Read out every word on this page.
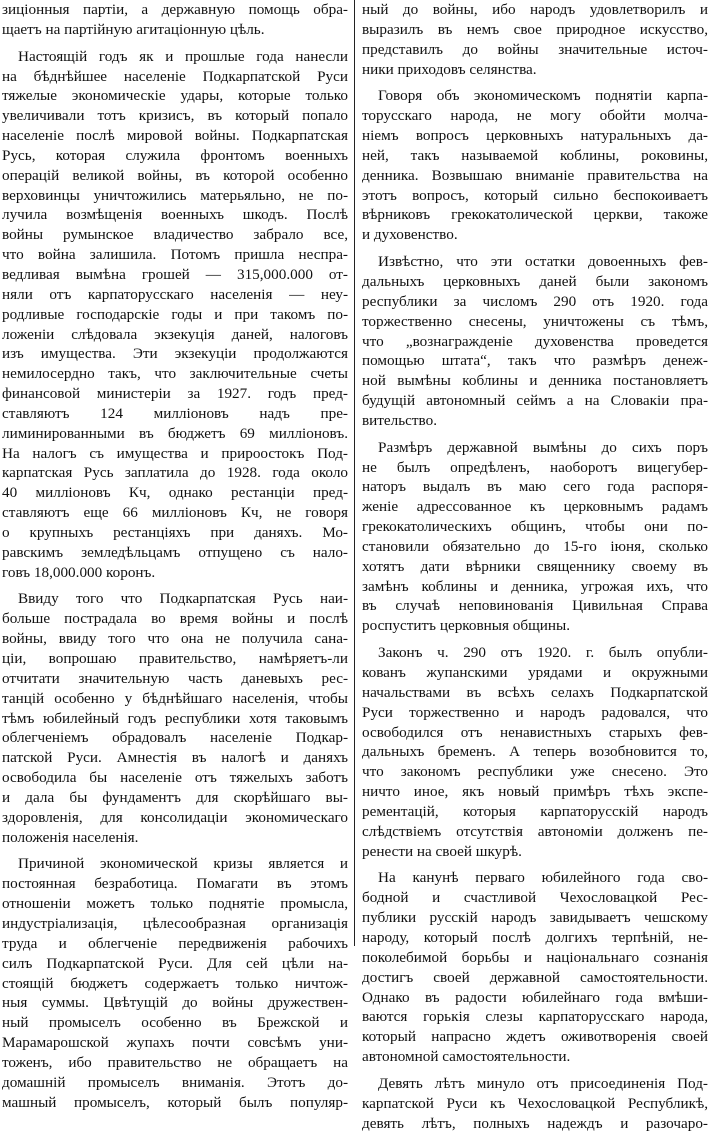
зиціонныя партіи, а державную помощь обра-
щаетъ на партійную агитаціонную цѣль.
Настоящій годъ як и прошлые года нанесли
на бѣднѣйшее населеніе Подкарпатской Руси
тяжелые экономическіе удары, которые только
увеличивали тотъ кризисъ, въ который попало
населеніе послѣ мировой войны. Подкарпатская
Русь, которая служила фронтомъ военныхъ
операцій великой войны, въ которой особенно
верховинцы уничтожились матерьяльно, не по-
лучила возмѣщенія военныхъ шкодъ. Послѣ
войны румынское владичество забрало все,
что война залишила. Потомъ пришла неспра-
ведливая вымѣна грошей — 315,000.000 от-
няли отъ карпаторусскаго населенія — неу-
родливые господарскіе годы и при такомъ по-
ложеніи слѣдовала экзекуція даней, налоговъ
изъ имущества. Эти экзекуціи продолжаются
немилосердно такъ, что заключительные счеты
финансовой министеріи за 1927. годъ пред-
ставляютъ 124 милліоновъ надъ пре-
лиминированными въ бюджетъ 69 милліоновъ.
На налогъ съ имущества и прироостокъ Под-
карпатская Русь заплатила до 1928. года около
40 милліоновъ Кч, однако рестанціи пред-
ставляютъ еще 66 милліоновъ Кч, не говоря
о крупныхъ рестанціяхъ при даняхъ. Мо-
равскимъ земледѣльцамъ отпущено съ нало-
говъ 18,000.000 коронъ.
Ввиду того что Подкарпатская Русь наи-
больше пострадала во время войны и послѣ
войны, ввиду того что она не получила сана-
ціи, вопрошаю правительство, намѣряетъ-ли
отчитати значительную часть даневыхъ рес-
танцій особенно у бѣднѣйшаго населенія, чтобы
тѣмъ юбилейный годъ республики хотя таковымъ
облегченіемъ обрадовалъ населеніе Подкар-
патской Руси. Амнестія въ налогѣ и даняхъ
освободила бы населеніе отъ тяжелыхъ заботъ
и дала бы фундаментъ для скорѣйшаго вы-
здоровленія, для консолидаціи экономическаго
положенія населенія.
Причиной экономической кризы является и
постоянная безработица. Помагати въ этомъ
отношеніи можетъ только поднятіе промысла,
индустріализація, цѣлесообразная организація
труда и облегченіе передвиженія рабочихъ
силъ Подкарпатской Руси. Для сей цѣли на-
стоящій бюджетъ содержаетъ только ничтож-
ныя суммы. Цвѣтущій до войны дружествен-
ный промыселъ особенно въ Брежской и
Марамарошской жупахъ почти совсѣмъ уни-
тоженъ, ибо правительство не обращаетъ на
домашній промыселъ вниманія. Этотъ до-
машный промыселъ, который былъ популяр-
ный до войны, ибо народъ удовлетворилъ и
выразилъ въ немъ свое природное искусство,
представилъ до войны значительные источ-
ники приходовъ селянства.
Говоря объ экономическомъ поднятіи карпа-
торусскаго народа, не могу обойти молча-
ніемъ вопросъ церковныхъ натуральныхъ да-
ней, такъ называемой коблины, роковины,
денника. Возвышаю вниманіе правительства на
этотъ вопросъ, который сильно беспокоиваетъ
вѣрниковъ грекокатолической церкви, такоже
и духовенство.
Извѣстно, что эти остатки довоенныхъ фев-
дальныхъ церковныхъ даней были закономъ
республики за числомъ 290 отъ 1920. года
торжественно снесены, уничтожены съ тѣмъ,
что „вознагражденіе духовенства проведется
помощью штата“, такъ что размѣръ денеж-
ной вымѣны коблины и денника постановляетъ
будущій автономный сеймъ а на Словакіи пра-
вительство.
Размѣръ державной вымѣны до сихъ поръ
не былъ опредѣленъ, наоборотъ вицегубер-
наторъ выдалъ въ маю сего года распоря-
женіе адрессованное къ церковнымъ радамъ
грекокатолическихъ общинъ, чтобы они по-
становили обязательно до 15-го іюня, сколько
хотятъ дати вѣрники священнику своему въ
замѣнъ коблины и денника, угрожая ихъ, что
въ случаѣ неповинованія Цивильная Справа
роспуститъ церковныя общины.
Законъ ч. 290 отъ 1920. г. былъ опубли-
кованъ жупанскими урядами и окружными
начальствами въ всѣхъ селахъ Подкарпатской
Руси торжественно и народъ радовался, что
освободился отъ ненавистныхъ старыхъ фев-
дальныхъ бременъ. А теперь возобновится то,
что закономъ республики уже снесено. Это
ничто иное, якъ новый примѣръ тѣхъ экспе-
рементацій, которыя карпаторусскій народъ
слѣдствіемъ отсутствія автономіи долженъ пе-
ренести на своей шкурѣ.
На канунѣ перваго юбилейного года сво-
бодной и счастливой Чехословацкой Рес-
публики русскій народъ завидываетъ чешскому
народу, который послѣ долгихъ терпѣній, не-
поколебимой борьбы и національнаго сознанія
достигъ своей державной самостоятельности.
Однако въ радости юбилейнаго года вмѣши-
ваются горькія слезы карпаторусскаго народа,
который напрасно ждетъ оживотворенія своей
автономной самостоятельности.
Девять лѣтъ минуло отъ присоединенія Под-
карпатской Руси къ Чехословацкой Республикѣ,
девять лѣтъ, полныхъ надеждъ и разочаро-
